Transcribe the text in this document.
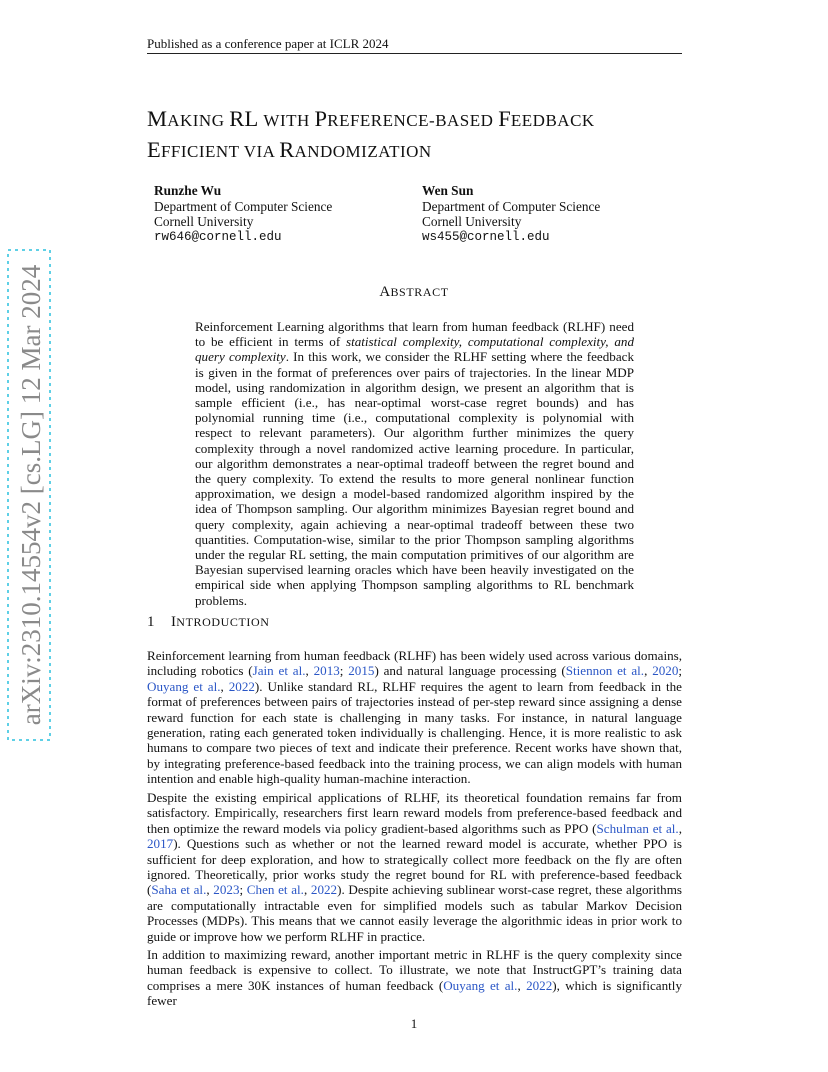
Published as a conference paper at ICLR 2024
MAKING RL WITH PREFERENCE-BASED FEEDBACK
EFFICIENT VIA RANDOMIZATION
Runzhe Wu
Department of Computer Science
Cornell University
rw646@cornell.edu
Wen Sun
Department of Computer Science
Cornell University
ws455@cornell.edu
ABSTRACT

Reinforcement Learning algorithms that learn from human feedback (RLHF) need to be efficient in terms of statistical complexity, computational complexity, and query complexity. In this work, we consider the RLHF setting where the feedback is given in the format of preferences over pairs of trajectories. In the linear MDP model, using randomization in algorithm design, we present an algorithm that is sample efficient (i.e., has near-optimal worst-case regret bounds) and has polynomial running time (i.e., computational complexity is polynomial with respect to relevant parameters). Our algorithm further minimizes the query complexity through a novel randomized active learning procedure. In particular, our algorithm demonstrates a near-optimal tradeoff between the regret bound and the query complexity. To extend the results to more general nonlinear function approximation, we design a model-based randomized algorithm inspired by the idea of Thompson sampling. Our algorithm minimizes Bayesian regret bound and query complexity, again achieving a near-optimal tradeoff between these two quantities. Computation-wise, similar to the prior Thompson sampling algorithms under the regular RL setting, the main computation primitives of our algorithm are Bayesian supervised learning oracles which have been heavily investigated on the empirical side when applying Thompson sampling algorithms to RL benchmark problems.

1 INTRODUCTION

Reinforcement learning from human feedback (RLHF) has been widely used across various domains, including robotics (Jain et al., 2013; 2015) and natural language processing (Stiennon et al., 2020; Ouyang et al., 2022). Unlike standard RL, RLHF requires the agent to learn from feedback in the format of preferences between pairs of trajectories instead of per-step reward since assigning a dense reward function for each state is challenging in many tasks. For instance, in natural language generation, rating each generated token individually is challenging. Hence, it is more realistic to ask humans to compare two pieces of text and indicate their preference. Recent works have shown that, by integrating preference-based feedback into the training process, we can align models with human intention and enable high-quality human-machine interaction.

Despite the existing empirical applications of RLHF, its theoretical foundation remains far from satisfactory. Empirically, researchers first learn reward models from preference-based feedback and then optimize the reward models via policy gradient-based algorithms such as PPO (Schulman et al., 2017). Questions such as whether or not the learned reward model is accurate, whether PPO is sufficient for deep exploration, and how to strategically collect more feedback on the fly are often ignored. Theoretically, prior works study the regret bound for RL with preference-based feedback (Saha et al., 2023; Chen et al., 2022). Despite achieving sublinear worst-case regret, these algorithms are computationally intractable even for simplified models such as tabular Markov Decision Processes (MDPs). This means that we cannot easily leverage the algorithmic ideas in prior work to guide or improve how we perform RLHF in practice.

In addition to maximizing reward, another important metric in RLHF is the query complexity since human feedback is expensive to collect. To illustrate, we note that InstructGPT’s training data comprises a mere 30K instances of human feedback (Ouyang et al., 2022), which is significantly fewer

1
arXiv:2310.14554v2 [cs.LG] 12 Mar 2024
